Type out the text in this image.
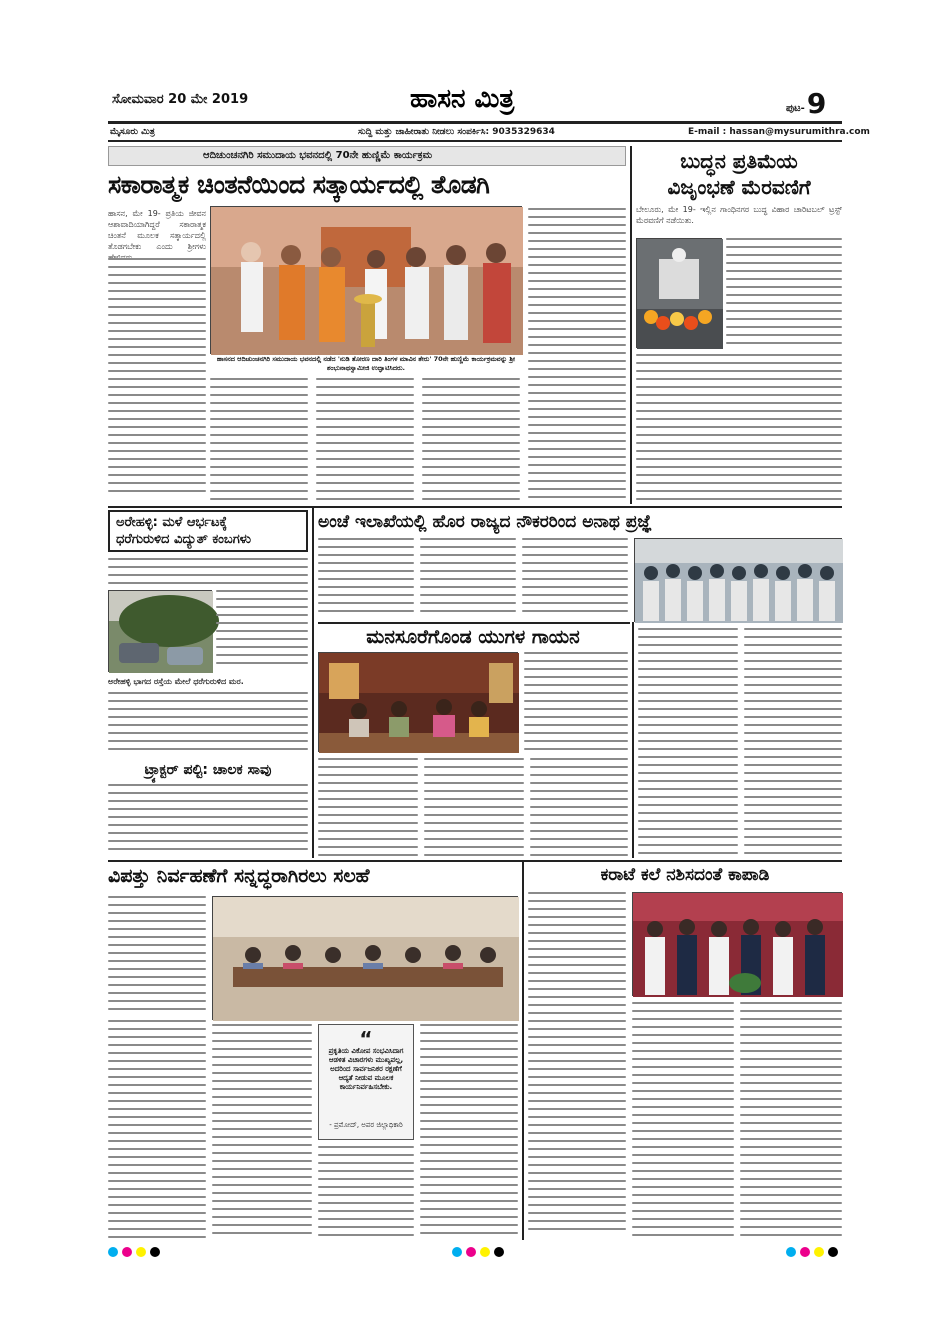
ಸೋಮವಾರ 20 ಮೇ 2019	ಹಾಸನ ಮಿತ್ರ	ಪುಟ- 9
ಮೈಸೂರು ಮಿತ್ರ	ಸುದ್ದಿ ಮತ್ತು ಜಾಹೀರಾತು ನೀಡಲು ಸಂಪರ್ಕಿಸಿ: 9035329634	E-mail : hassan@mysurumithra.com
ಆದಿಚುಂಚನಗಿರಿ ಸಮುದಾಯ ಭವನದಲ್ಲಿ 70ನೇ ಹುಣ್ಣಿಮೆ ಕಾರ್ಯಕ್ರಮ
ಸಕಾರಾತ್ಮಕ ಚಿಂತನೆಯಿಂದ ಸತ್ಕಾರ್ಯದಲ್ಲಿ ತೊಡಗಿ
ಹಾಸನ, ಮೇ 19- ಪ್ರತಿಯ ಜೀವನ ಆಶಾವಾದಿಯಾಗಿದ್ದರೆ ಸಕಾರಾತ್ಮಕ ಚಿಂತನೆ ಮೂಲಕ ಸತ್ಕಾರ್ಯದಲ್ಲಿ ತೊಡಗಬೇಕು ಎಂದು ಶ್ರೀಗಳು
ಹಾಸನದ ಆದಿಚುಂಚನಗಿರಿ ಸಮುದಾಯ ಭವನದಲ್ಲಿ ನಡೆದ 'ನುಡಿ ತೋರಣ ದಾರಿ ತಿಂಗಳ ಮಾವಿನ ತೇರು' 70ನೇ ಹುಣ್ಣಿಮೆ ಕಾರ್ಯಕ್ರಮವನ್ನು ಶ್ರೀ ಶಂಭುನಾಥಸ್ವಾಮೀಜಿ ಉದ್ಘಾಟಿಸಿದರು.
ಬುದ್ಧನ ಪ್ರತಿಮೆಯ
ವಿಜೃಂಭಣೆ ಮೆರವಣಿಗೆ
ಬೇಲೂರು, ಮೇ 19- ಇಲ್ಲಿನ ಗಾಂಧಿನಗರ ಬುದ್ಧ ವಿಹಾರ ಚಾರಿಟಬಲ್ ಟ್ರಸ್ಟ್ ಮೆರವಣಿಗೆ ನಡೆಯಿತು.
ಅರೇಹಳ್ಳಿ: ಮಳೆ ಆರ್ಭಟಕ್ಕೆ
ಧರೆಗುರುಳಿದ ವಿದ್ಯುತ್ ಕಂಬಗಳು
ಅರೇಹಳ್ಳಿ ಭಾಗದ ರಸ್ತೆಯ ಮೇಲೆ ಧರೆಗುರುಳಿದ ಮರ.
ಟ್ರ್ಯಾಕ್ಟರ್ ಪಲ್ಟಿ: ಚಾಲಕ ಸಾವು
ಅಂಚೆ ಇಲಾಖೆಯಲ್ಲಿ ಹೊರ ರಾಜ್ಯದ ನೌಕರರಿಂದ ಅನಾಥ ಪ್ರಜ್ಞೆ
ಮನಸೂರೆಗೊಂಡ ಯುಗಳ ಗಾಯನ
ವಿಪತ್ತು ನಿರ್ವಹಣೆಗೆ ಸನ್ನದ್ಧರಾಗಿರಲು ಸಲಹೆ
“
ಪ್ರಕೃತಿಯ ವಿಕೋಪ ಸಂಭವಿಸಿದಾಗ ಆಡಳಿತ ವಿಚಾರಗಳು ಮುಖ್ಯವಲ್ಲ, ಅದರಿಂದ ಸಾರ್ವಜನಿಕರ ರಕ್ಷಣೆಗೆ ಆದ್ಯತೆ ನೀಡುವ ಮೂಲಕ ಕಾರ್ಯನಿರ್ವಹಿಸಬೇಕು.
- ಪ್ರಮೋದ್, ಅಪರ ಜಿಲ್ಲಾಧಿಕಾರಿ
ಕರಾಟೆ ಕಲೆ ನಶಿಸದಂತೆ ಕಾಪಾಡಿ
